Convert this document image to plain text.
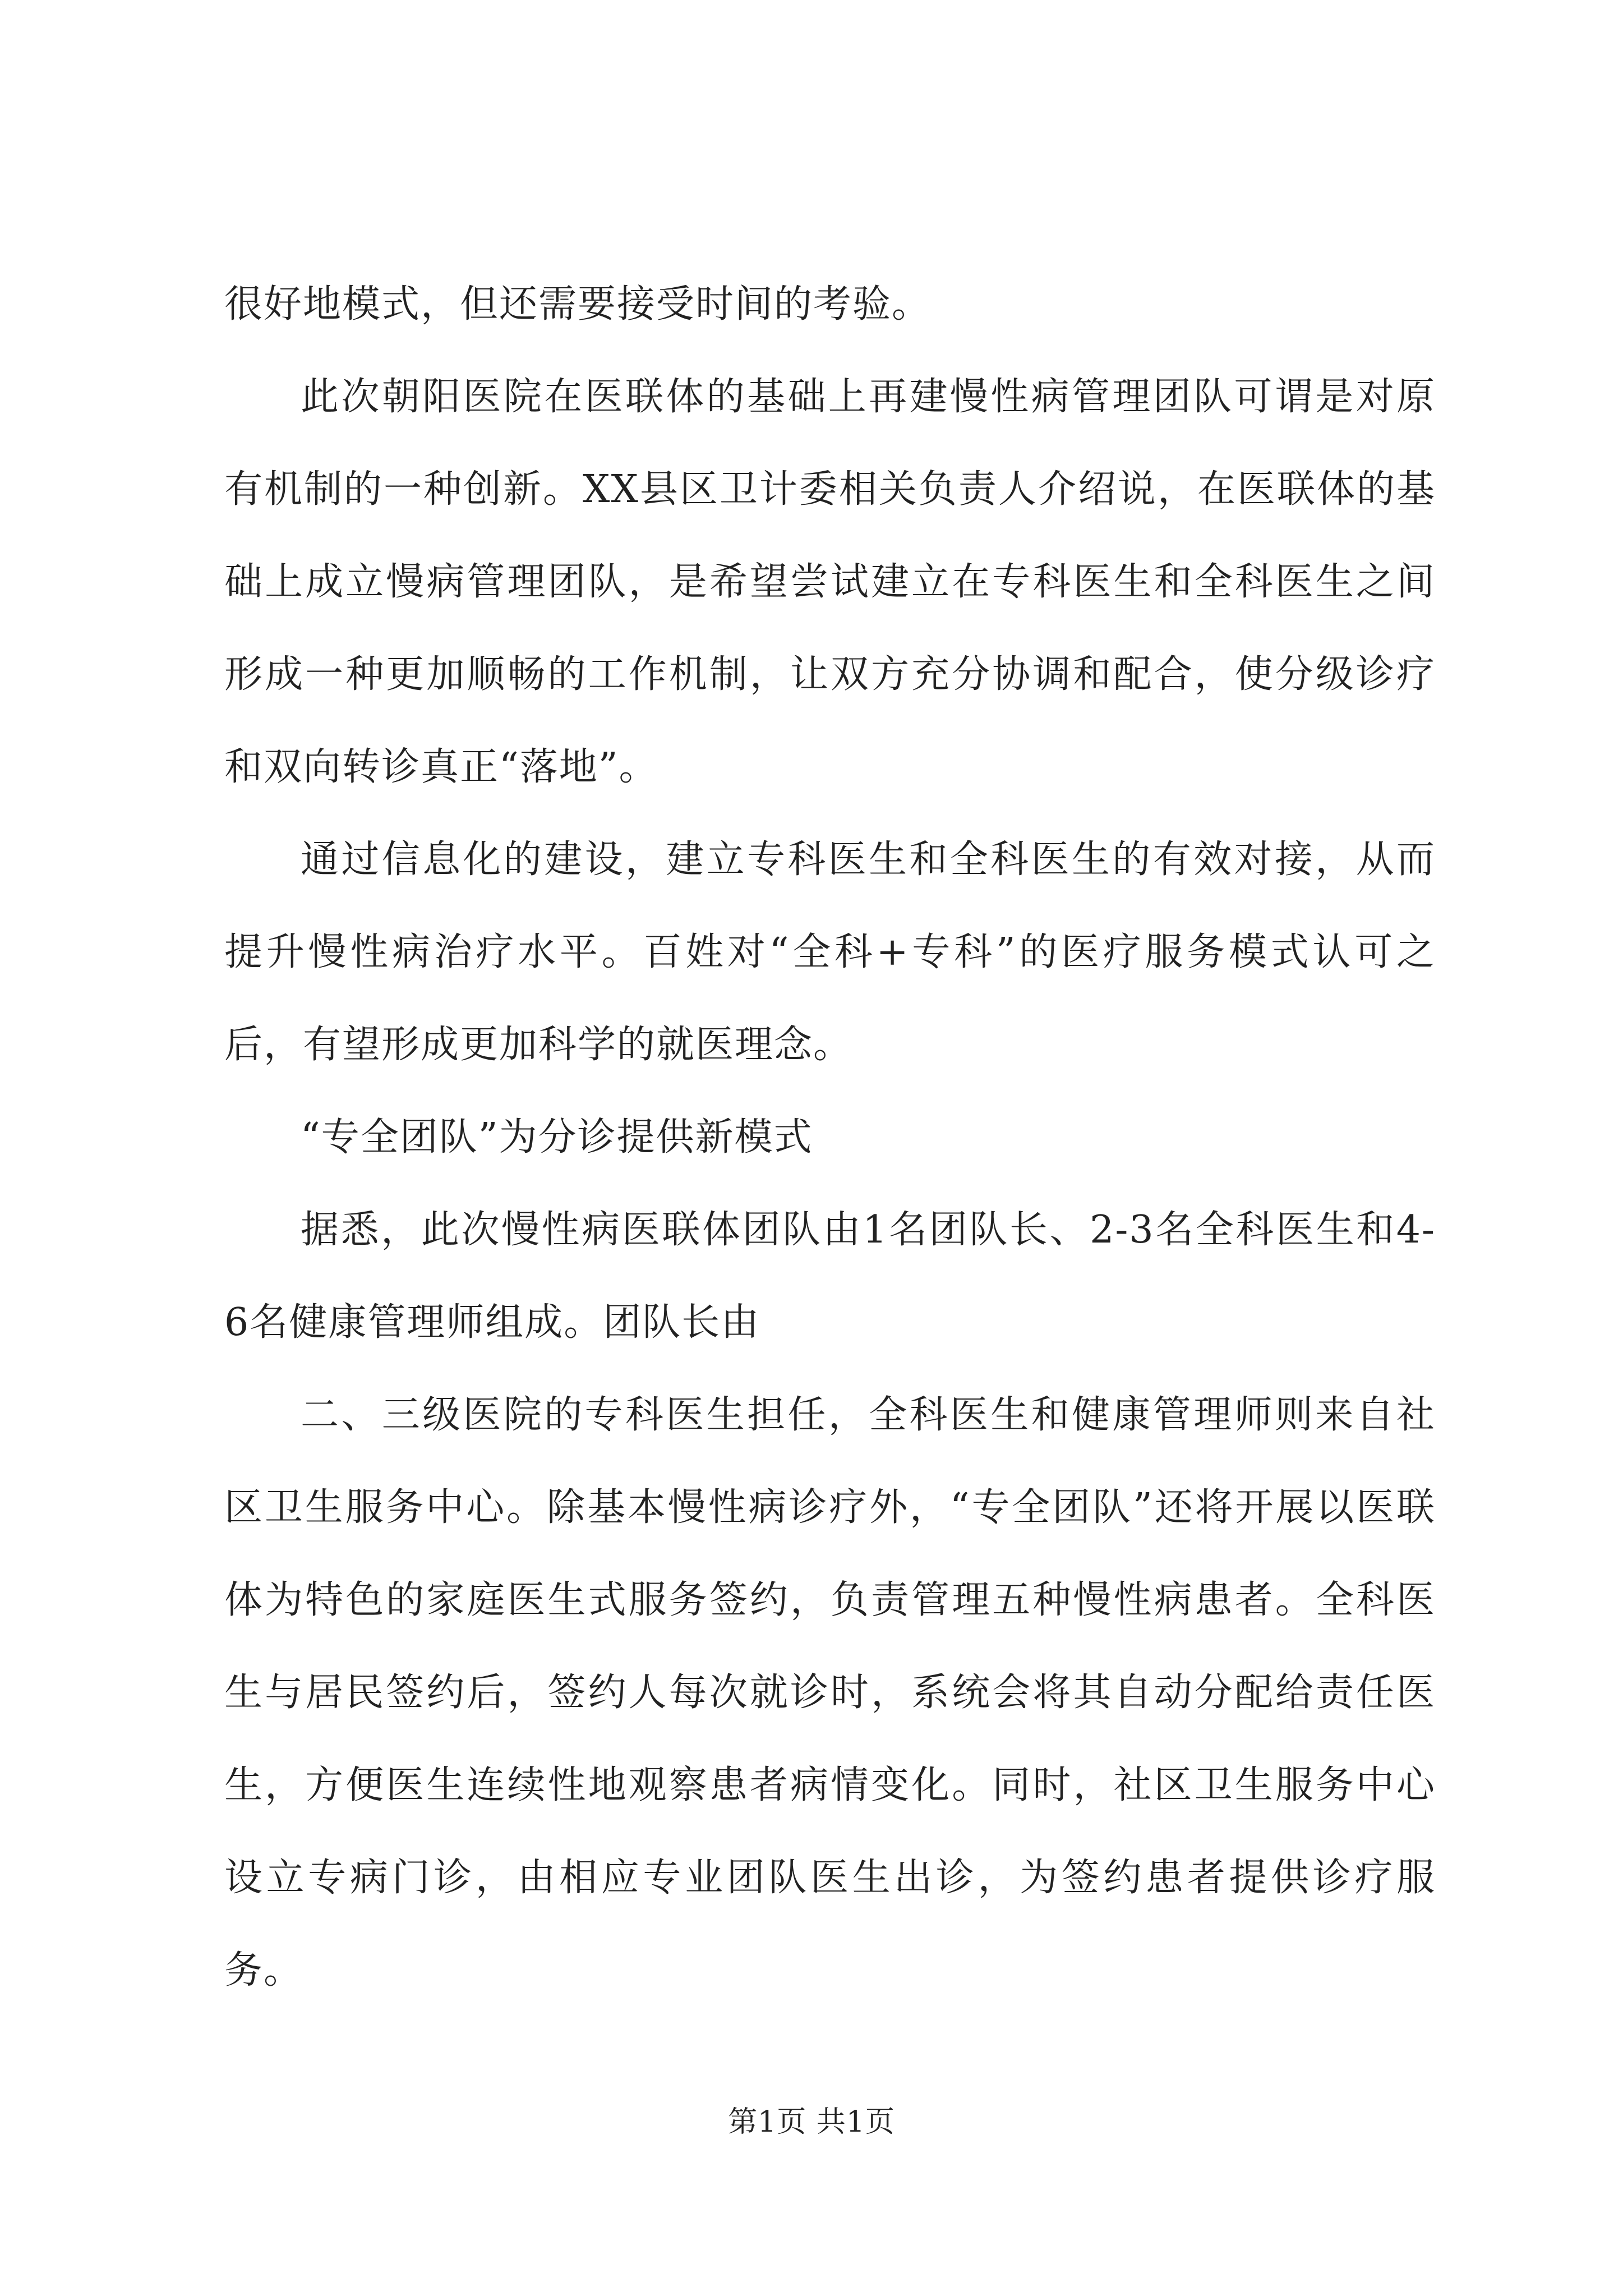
很好地模式，但还需要接受时间的考验。

此次朝阳医院在医联体的基础上再建慢性病管理团队可谓是对原有机制的一种创新。XX县区卫计委相关负责人介绍说，在医联体的基础上成立慢病管理团队，是希望尝试建立在专科医生和全科医生之间形成一种更加顺畅的工作机制，让双方充分协调和配合，使分级诊疗和双向转诊真正“落地”。

通过信息化的建设，建立专科医生和全科医生的有效对接，从而提升慢性病治疗水平。百姓对“全科+专科”的医疗服务模式认可之后，有望形成更加科学的就医理念。

“专全团队”为分诊提供新模式

据悉，此次慢性病医联体团队由1名团队长、2-3名全科医生和4-6名健康管理师组成。团队长由

二、三级医院的专科医生担任，全科医生和健康管理师则来自社区卫生服务中心。除基本慢性病诊疗外，“专全团队”还将开展以医联体为特色的家庭医生式服务签约，负责管理五种慢性病患者。全科医生与居民签约后，签约人每次就诊时，系统会将其自动分配给责任医生，方便医生连续性地观察患者病情变化。同时，社区卫生服务中心设立专病门诊，由相应专业团队医生出诊，为签约患者提供诊疗服务。

第1页 共1页
